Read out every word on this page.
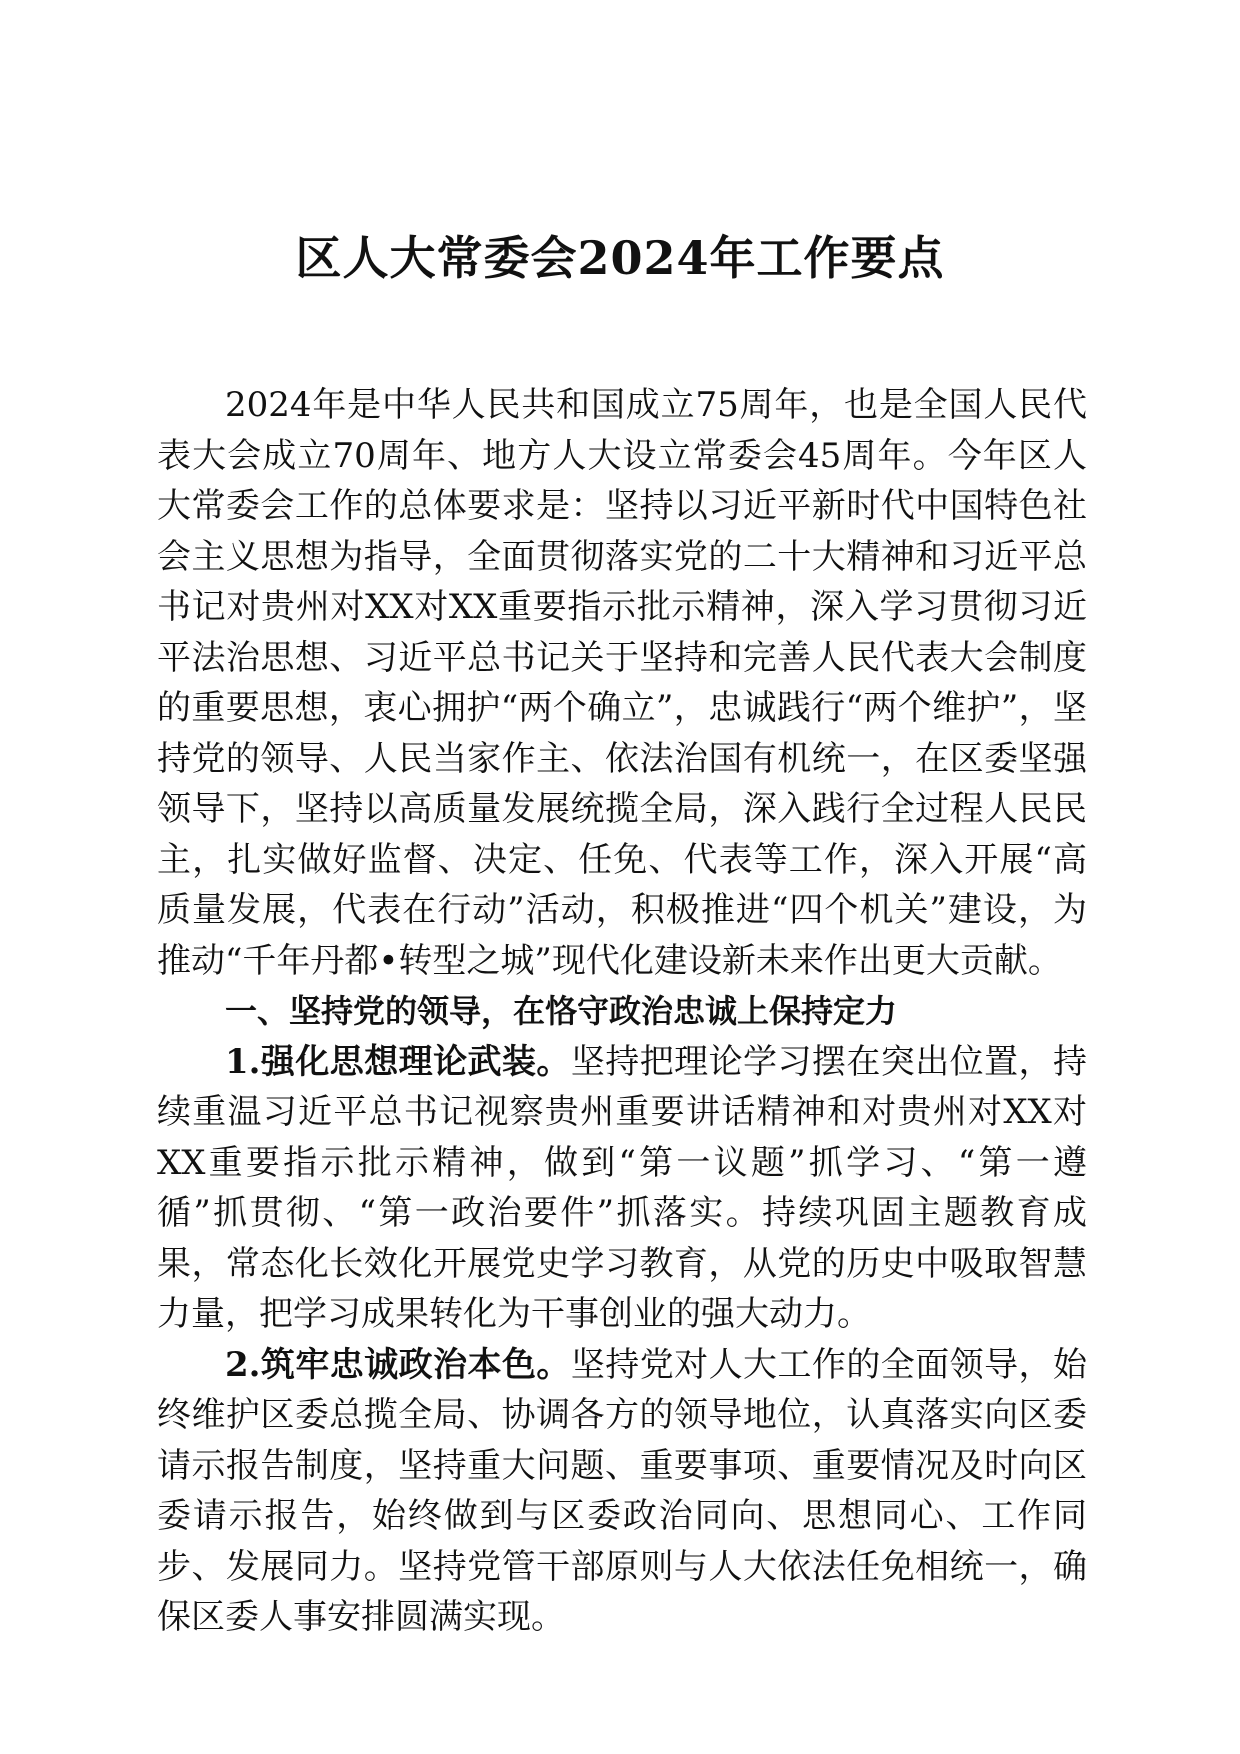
区人大常委会2024年工作要点

2024年是中华人民共和国成立75周年，也是全国人民代表大会成立70周年、地方人大设立常委会45周年。今年区人大常委会工作的总体要求是：坚持以习近平新时代中国特色社会主义思想为指导，全面贯彻落实党的二十大精神和习近平总书记对贵州对XX对XX重要指示批示精神，深入学习贯彻习近平法治思想、习近平总书记关于坚持和完善人民代表大会制度的重要思想，衷心拥护“两个确立”，忠诚践行“两个维护”，坚持党的领导、人民当家作主、依法治国有机统一，在区委坚强领导下，坚持以高质量发展统揽全局，深入践行全过程人民民主，扎实做好监督、决定、任免、代表等工作，深入开展“高质量发展，代表在行动”活动，积极推进“四个机关”建设，为推动“千年丹都•转型之城”现代化建设新未来作出更大贡献。

一、坚持党的领导，在恪守政治忠诚上保持定力

1.强化思想理论武装。坚持把理论学习摆在突出位置，持续重温习近平总书记视察贵州重要讲话精神和对贵州对XX对XX重要指示批示精神，做到“第一议题”抓学习、“第一遵循”抓贯彻、“第一政治要件”抓落实。持续巩固主题教育成果，常态化长效化开展党史学习教育，从党的历史中吸取智慧力量，把学习成果转化为干事创业的强大动力。

2.筑牢忠诚政治本色。坚持党对人大工作的全面领导，始终维护区委总揽全局、协调各方的领导地位，认真落实向区委请示报告制度，坚持重大问题、重要事项、重要情况及时向区委请示报告，始终做到与区委政治同向、思想同心、工作同步、发展同力。坚持党管干部原则与人大依法任免相统一，确保区委人事安排圆满实现。
